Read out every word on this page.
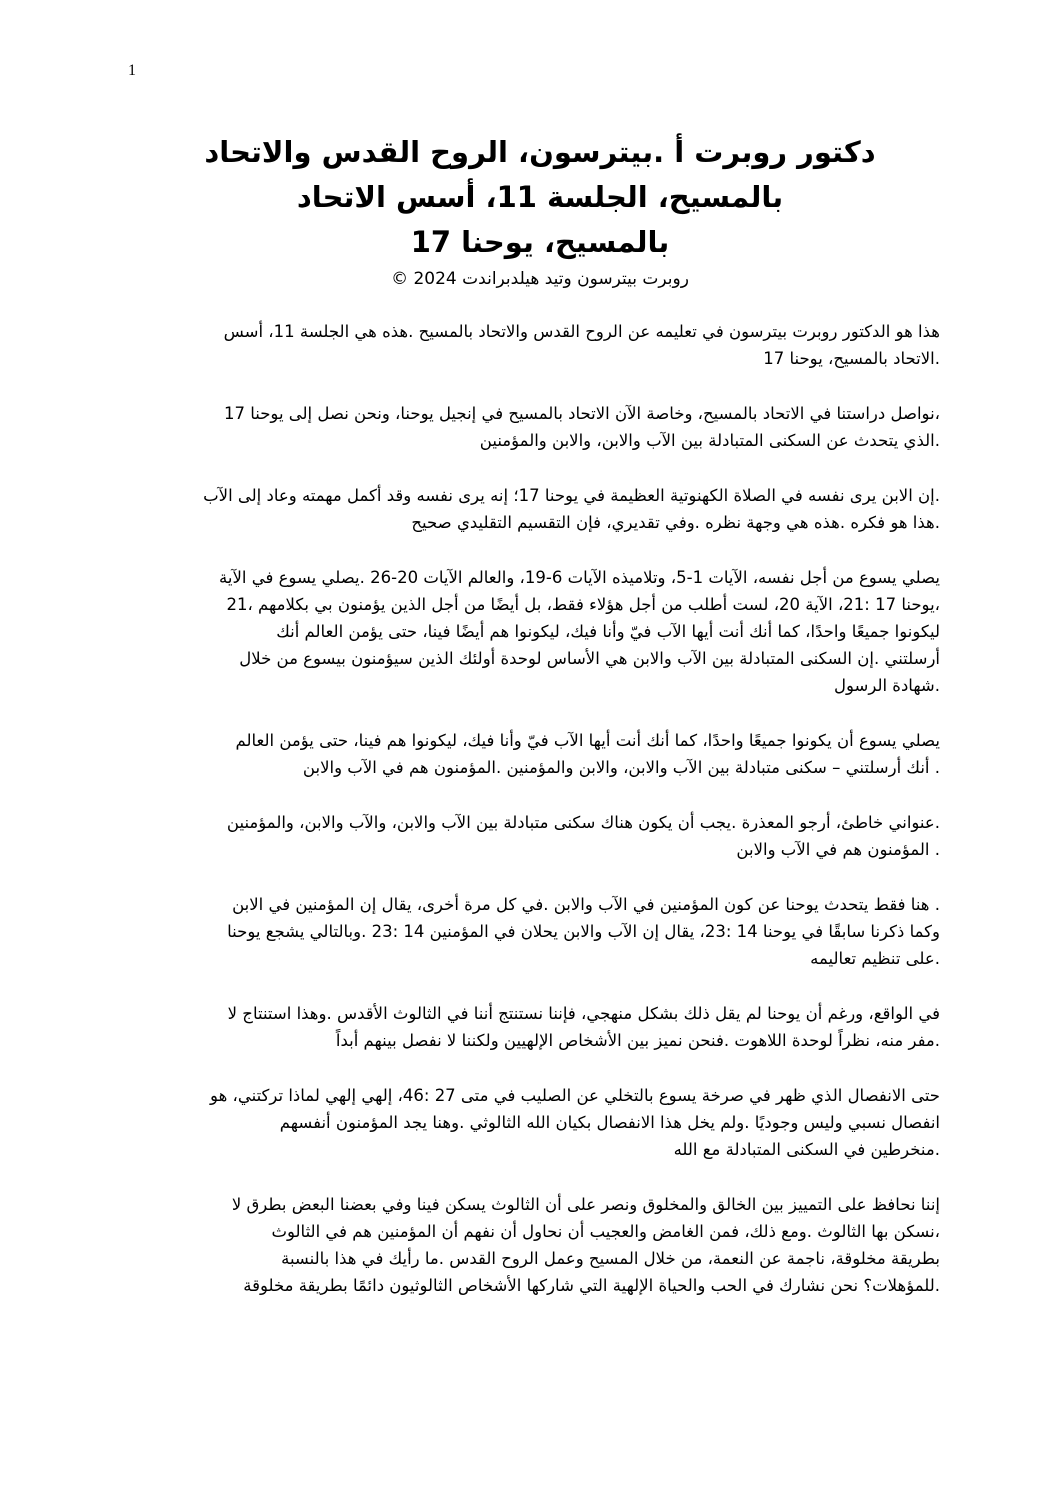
1
دكتور روبرت أ .بيترسون، الروح القدس والاتحاد
بالمسيح، الجلسة 11، أسس الاتحاد
بالمسيح، يوحنا 17
روبرت بيترسون وتيد هيلدبراندت 2024 ©
هذا هو الدكتور روبرت بيترسون في تعليمه عن الروح القدس والاتحاد بالمسيح .هذه هي الجلسة 11، أسس
.الاتحاد بالمسيح، يوحنا 17
،نواصل دراستنا في الاتحاد بالمسيح، وخاصة الآن الاتحاد بالمسيح في إنجيل يوحنا، ونحن نصل إلى يوحنا 17
.الذي يتحدث عن السكنى المتبادلة بين الآب والابن، والابن والمؤمنين
.إن الابن يرى نفسه في الصلاة الكهنوتية العظيمة في يوحنا 17؛ إنه يرى نفسه وقد أكمل مهمته وعاد إلى الآب
.هذا هو فكره .هذه هي وجهة نظره .وفي تقديري، فإن التقسيم التقليدي صحيح
يصلي يسوع من أجل نفسه، الآيات 1-5، وتلاميذه الآيات 6-19، والعالم الآيات 20-26 .يصلي يسوع في الآية
،يوحنا 17 :21، الآية 20، لست أطلب من أجل هؤلاء فقط، بل أيضًا من أجل الذين يؤمنون بي بكلامهم ،21
ليكونوا جميعًا واحدًا، كما أنك أنت أيها الآب فيّ وأنا فيك، ليكونوا هم أيضًا فينا، حتى يؤمن العالم أنك
أرسلتني .إن السكنى المتبادلة بين الآب والابن هي الأساس لوحدة أولئك الذين سيؤمنون بيسوع من خلال
.شهادة الرسول
يصلي يسوع أن يكونوا جميعًا واحدًا، كما أنك أنت أيها الآب فيّ وأنا فيك، ليكونوا هم فينا، حتى يؤمن العالم
. أنك أرسلتني – سكنى متبادلة بين الآب والابن، والابن والمؤمنين .المؤمنون هم في الآب والابن
.عنواني خاطئ، أرجو المعذرة .يجب أن يكون هناك سكنى متبادلة بين الآب والابن، والآب والابن، والمؤمنين
. المؤمنون هم في الآب والابن
. هنا فقط يتحدث يوحنا عن كون المؤمنين في الآب والابن .في كل مرة أخرى، يقال إن المؤمنين في الابن
وكما ذكرنا سابقًا في يوحنا 14 :23، يقال إن الآب والابن يحلان في المؤمنين 14 :23 .وبالتالي يشجع يوحنا
.على تنظيم تعاليمه
في الواقع، ورغم أن يوحنا لم يقل ذلك بشكل منهجي، فإننا نستنتج أننا في الثالوث الأقدس .وهذا استنتاج لا
.مفر منه، نظراً لوحدة اللاهوت .فنحن نميز بين الأشخاص الإلهيين ولكننا لا نفصل بينهم أبداً
حتى الانفصال الذي ظهر في صرخة يسوع بالتخلي عن الصليب في متى 27 :46، إلهي إلهي لماذا تركتني، هو
انفصال نسبي وليس وجوديًا .ولم يخل هذا الانفصال بكيان الله الثالوثي .وهنا يجد المؤمنون أنفسهم
.منخرطين في السكنى المتبادلة مع الله
إننا نحافظ على التمييز بين الخالق والمخلوق ونصر على أن الثالوث يسكن فينا وفي بعضنا البعض بطرق لا
،نسكن بها الثالوث .ومع ذلك، فمن الغامض والعجيب أن نحاول أن نفهم أن المؤمنين هم في الثالوث
بطريقة مخلوقة، ناجمة عن النعمة، من خلال المسيح وعمل الروح القدس .ما رأيك في هذا بالنسبة
.للمؤهلات؟ نحن نشارك في الحب والحياة الإلهية التي شاركها الأشخاص الثالوثيون دائمًا بطريقة مخلوقة
